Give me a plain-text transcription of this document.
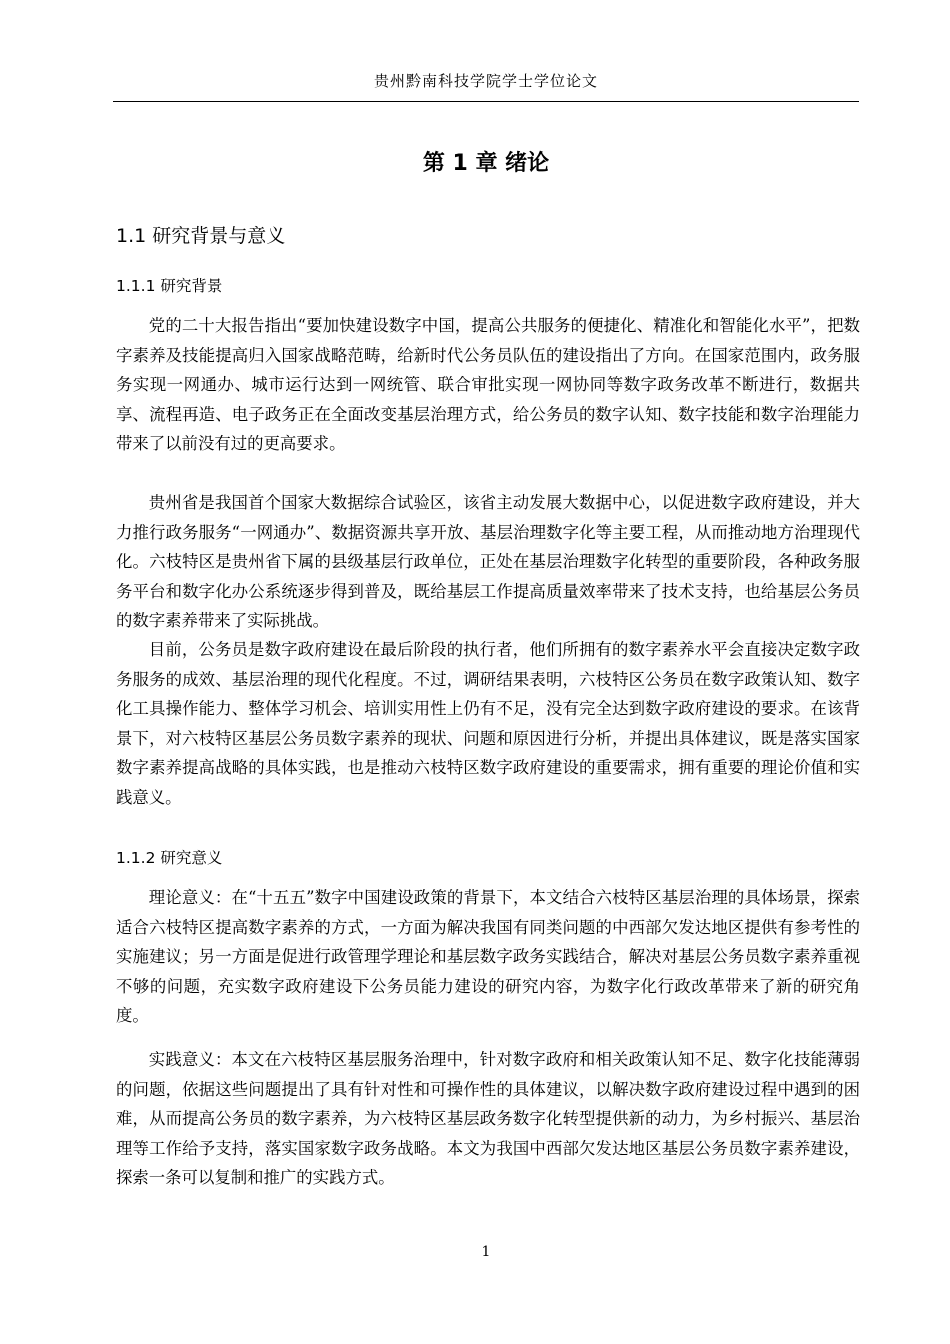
贵州黔南科技学院学士学位论文
第 1 章 绪论
1.1 研究背景与意义
1.1.1 研究背景

党的二十大报告指出“要加快建设数字中国，提高公共服务的便捷化、精准化和智能化水平”，把数字素养及技能提高归入国家战略范畴，给新时代公务员队伍的建设指出了方向。在国家范围内，政务服务实现一网通办、城市运行达到一网统管、联合审批实现一网协同等数字政务改革不断进行，数据共享、流程再造、电子政务正在全面改变基层治理方式，给公务员的数字认知、数字技能和数字治理能力带来了以前没有过的更高要求。

贵州省是我国首个国家大数据综合试验区，该省主动发展大数据中心，以促进数字政府建设，并大力推行政务服务“一网通办”、数据资源共享开放、基层治理数字化等主要工程，从而推动地方治理现代化。六枝特区是贵州省下属的县级基层行政单位，正处在基层治理数字化转型的重要阶段，各种政务服务平台和数字化办公系统逐步得到普及，既给基层工作提高质量效率带来了技术支持，也给基层公务员的数字素养带来了实际挑战。

目前，公务员是数字政府建设在最后阶段的执行者，他们所拥有的数字素养水平会直接决定数字政务服务的成效、基层治理的现代化程度。不过，调研结果表明，六枝特区公务员在数字政策认知、数字化工具操作能力、整体学习机会、培训实用性上仍有不足，没有完全达到数字政府建设的要求。在该背景下，对六枝特区基层公务员数字素养的现状、问题和原因进行分析，并提出具体建议，既是落实国家数字素养提高战略的具体实践，也是推动六枝特区数字政府建设的重要需求，拥有重要的理论价值和实践意义。

1.1.2 研究意义

理论意义：在“十五五”数字中国建设政策的背景下，本文结合六枝特区基层治理的具体场景，探索适合六枝特区提高数字素养的方式，一方面为解决我国有同类问题的中西部欠发达地区提供有参考性的实施建议；另一方面是促进行政管理学理论和基层数字政务实践结合，解决对基层公务员数字素养重视不够的问题，充实数字政府建设下公务员能力建设的研究内容，为数字化行政改革带来了新的研究角度。

实践意义：本文在六枝特区基层服务治理中，针对数字政府和相关政策认知不足、数字化技能薄弱的问题，依据这些问题提出了具有针对性和可操作性的具体建议，以解决数字政府建设过程中遇到的困难，从而提高公务员的数字素养，为六枝特区基层政务数字化转型提供新的动力，为乡村振兴、基层治理等工作给予支持，落实国家数字政务战略。本文为我国中西部欠发达地区基层公务员数字素养建设，探索一条可以复制和推广的实践方式。

1
